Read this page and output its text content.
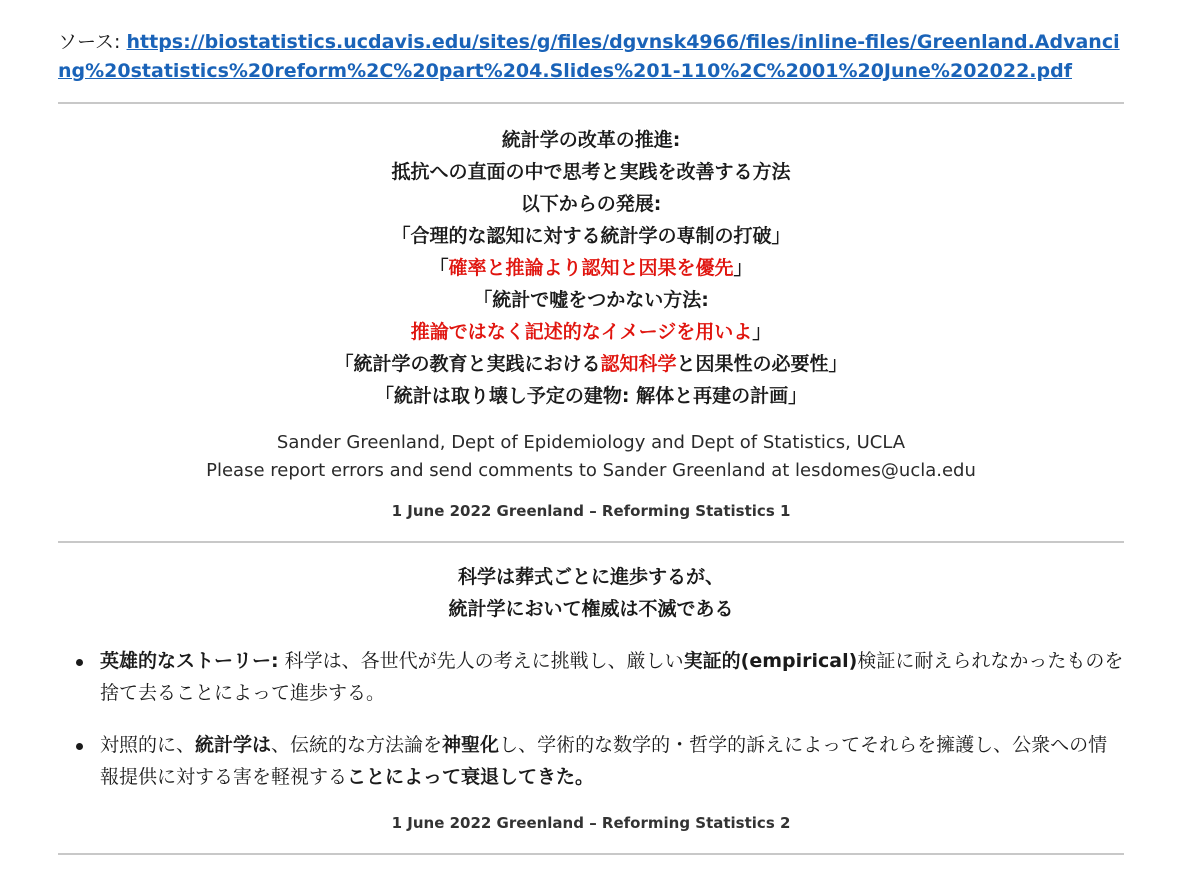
ソース: https://biostatistics.ucdavis.edu/sites/g/files/dgvnsk4966/files/inline-files/Greenland.Advancing%20statistics%20reform%2C%20part%204.Slides%201-110%2C%2001%20June%202022.pdf
統計学の改革の推進:
抵抗への直面の中で思考と実践を改善する方法
以下からの発展:
「合理的な認知に対する統計学の専制の打破」
「確率と推論より認知と因果を優先」
「統計で嘘をつかない方法:
推論ではなく記述的なイメージを用いよ」
「統計学の教育と実践における認知科学と因果性の必要性」
「統計は取り壊し予定の建物: 解体と再建の計画」
Sander Greenland, Dept of Epidemiology and Dept of Statistics, UCLA
Please report errors and send comments to Sander Greenland at lesdomes@ucla.edu
1 June 2022 Greenland – Reforming Statistics 1
科学は葬式ごとに進歩するが、
統計学において権威は不滅である
英雄的なストーリー: 科学は、各世代が先人の考えに挑戦し、厳しい実証的(empirical)検証に耐えられなかったものを捨て去ることによって進歩する。
対照的に、統計学は、伝統的な方法論を神聖化し、学術的な数学的・哲学的訴えによってそれらを擁護し、公衆への情報提供に対する害を軽視することによって衰退してきた。
1 June 2022 Greenland – Reforming Statistics 2
